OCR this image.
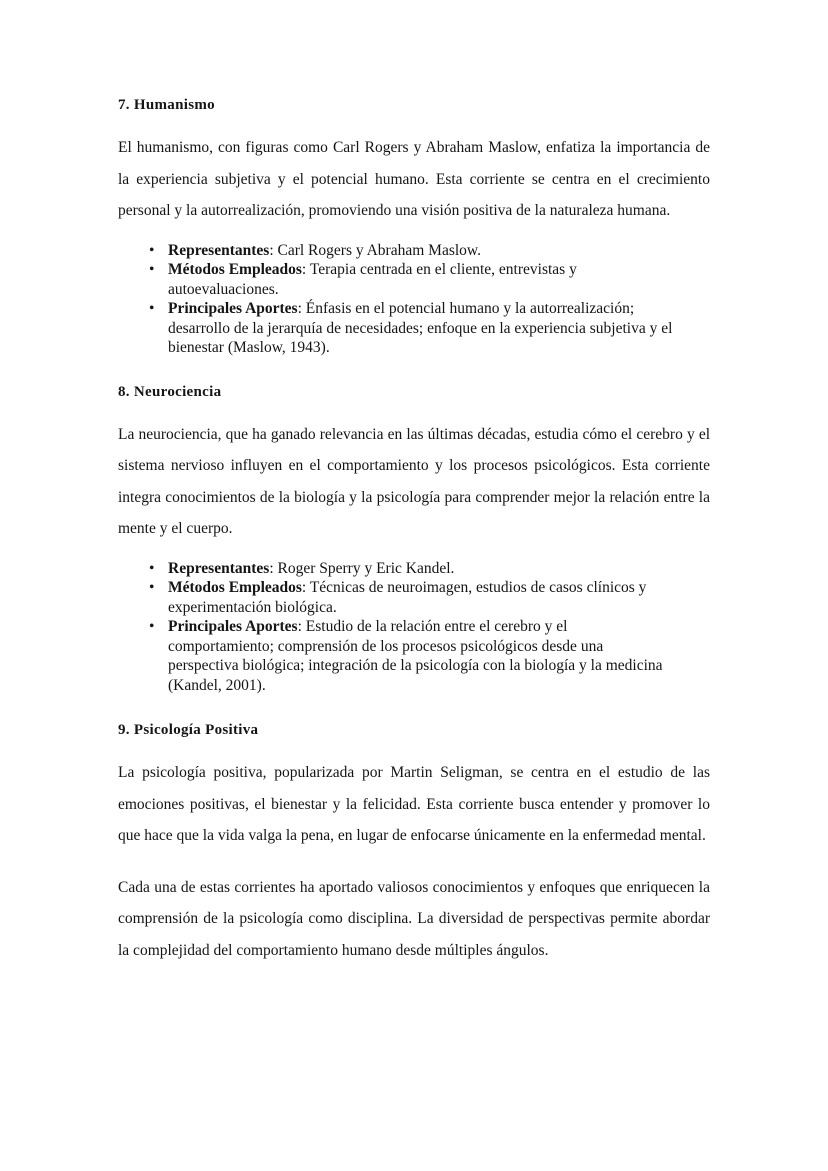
7. Humanismo

El humanismo, con figuras como Carl Rogers y Abraham Maslow, enfatiza la importancia de la experiencia subjetiva y el potencial humano. Esta corriente se centra en el crecimiento personal y la autorrealización, promoviendo una visión positiva de la naturaleza humana.

• Representantes: Carl Rogers y Abraham Maslow.
• Métodos Empleados: Terapia centrada en el cliente, entrevistas y autoevaluaciones.
• Principales Aportes: Énfasis en el potencial humano y la autorrealización; desarrollo de la jerarquía de necesidades; enfoque en la experiencia subjetiva y el bienestar (Maslow, 1943).
8. Neurociencia

La neurociencia, que ha ganado relevancia en las últimas décadas, estudia cómo el cerebro y el sistema nervioso influyen en el comportamiento y los procesos psicológicos. Esta corriente integra conocimientos de la biología y la psicología para comprender mejor la relación entre la mente y el cuerpo.

• Representantes: Roger Sperry y Eric Kandel.
• Métodos Empleados: Técnicas de neuroimagen, estudios de casos clínicos y experimentación biológica.
• Principales Aportes: Estudio de la relación entre el cerebro y el comportamiento; comprensión de los procesos psicológicos desde una perspectiva biológica; integración de la psicología con la biología y la medicina (Kandel, 2001).
9. Psicología Positiva

La psicología positiva, popularizada por Martin Seligman, se centra en el estudio de las emociones positivas, el bienestar y la felicidad. Esta corriente busca entender y promover lo que hace que la vida valga la pena, en lugar de enfocarse únicamente en la enfermedad mental.

Cada una de estas corrientes ha aportado valiosos conocimientos y enfoques que enriquecen la comprensión de la psicología como disciplina. La diversidad de perspectivas permite abordar la complejidad del comportamiento humano desde múltiples ángulos.
